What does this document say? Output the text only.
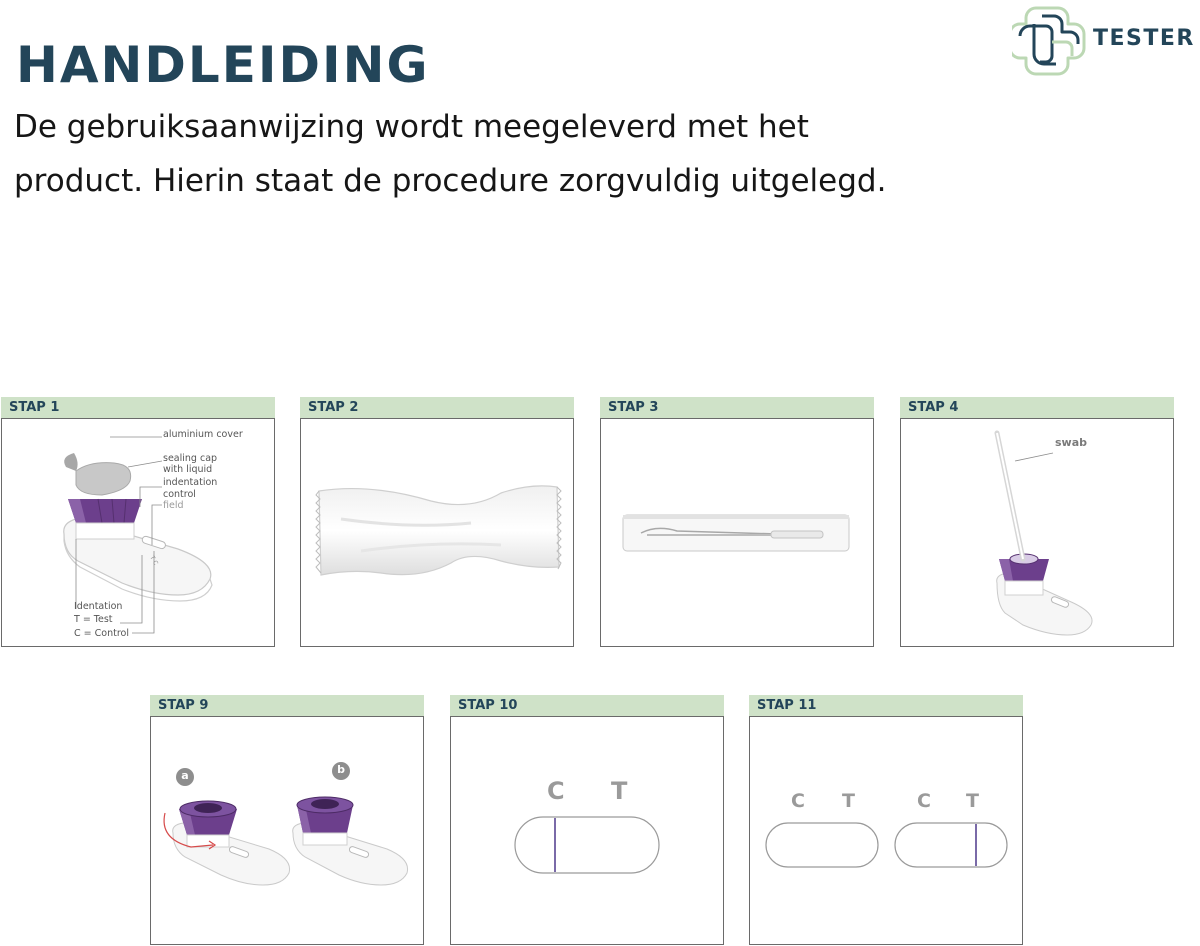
HANDLEIDING
De gebruiksaanwijzing wordt meegeleverd met het
product. Hierin staat de procedure zorgvuldig uitgelegd.
TESTER
STAP 1
T C
aluminium cover
sealing cap
with liquid
indentation
control
field
Identation
T = Test
C = Control
STAP 2	STAP 3	STAP 4
swab
STAP 9
a	b
STAP 10
C T
STAP 11
C T	C T
